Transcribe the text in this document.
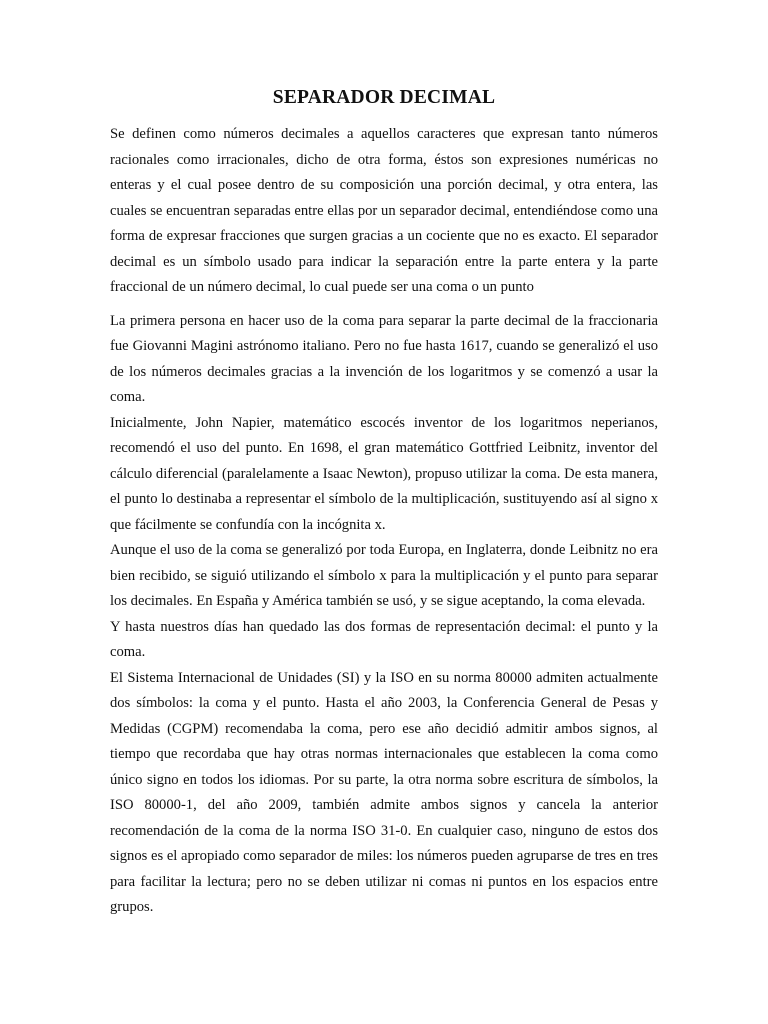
SEPARADOR DECIMAL

Se definen como números decimales a aquellos caracteres que expresan tanto números racionales como irracionales, dicho de otra forma, éstos son expresiones numéricas no enteras y el cual posee dentro de su composición una porción decimal, y otra entera, las cuales se encuentran separadas entre ellas por un separador decimal, entendiéndose como una forma de expresar fracciones que surgen gracias a un cociente que no es exacto. El separador decimal es un símbolo usado para indicar la separación entre la parte entera y la parte fraccional de un número decimal, lo cual puede ser una coma o un punto

La primera persona en hacer uso de la coma para separar la parte decimal de la fraccionaria fue Giovanni Magini astrónomo italiano. Pero no fue hasta 1617, cuando se generalizó el uso de los números decimales gracias a la invención de los logaritmos y se comenzó a usar la coma.
Inicialmente, John Napier, matemático escocés inventor de los logaritmos neperianos, recomendó el uso del punto. En 1698, el gran matemático Gottfried Leibnitz, inventor del cálculo diferencial (paralelamente a Isaac Newton), propuso utilizar la coma. De esta manera, el punto lo destinaba a representar el símbolo de la multiplicación, sustituyendo así al signo x que fácilmente se confundía con la incógnita x.
Aunque el uso de la coma se generalizó por toda Europa, en Inglaterra, donde Leibnitz no era bien recibido, se siguió utilizando el símbolo x para la multiplicación y el punto para separar los decimales. En España y América también se usó, y se sigue aceptando, la coma elevada.
Y hasta nuestros días han quedado las dos formas de representación decimal: el punto y la coma.
El Sistema Internacional de Unidades (SI) y la ISO en su norma 80000 admiten actualmente dos símbolos: la coma y el punto. Hasta el año 2003, la Conferencia General de Pesas y Medidas (CGPM) recomendaba la coma, pero ese año decidió admitir ambos signos, al tiempo que recordaba que hay otras normas internacionales que establecen la coma como único signo en todos los idiomas. Por su parte, la otra norma sobre escritura de símbolos, la ISO 80000-1, del año 2009, también admite ambos signos y cancela la anterior recomendación de la coma de la norma ISO 31-0. En cualquier caso, ninguno de estos dos signos es el apropiado como separador de miles: los números pueden agruparse de tres en tres para facilitar la lectura; pero no se deben utilizar ni comas ni puntos en los espacios entre grupos.
